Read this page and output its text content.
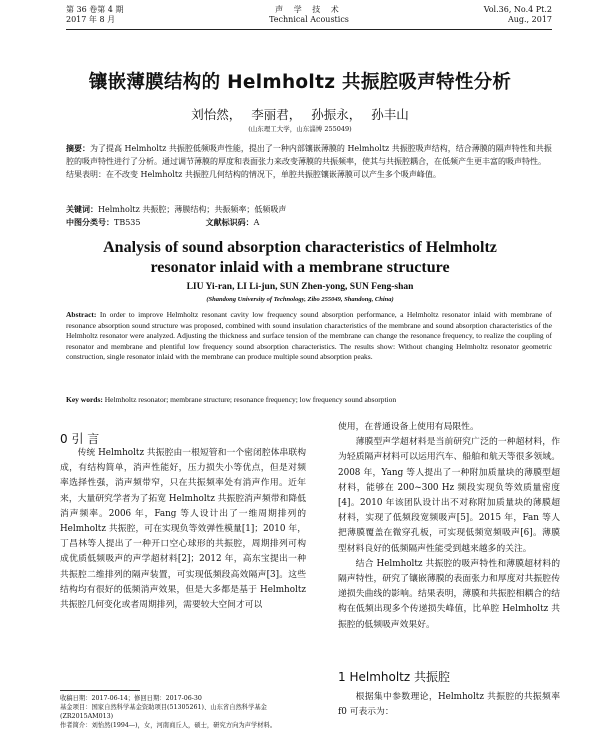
第 36 卷第 4 期
2017 年 8 月
声 学 技 术
Technical Acoustics
Vol.36, No.4 Pt.2
Aug., 2017
镶嵌薄膜结构的 Helmholtz 共振腔吸声特性分析
刘怡然， 李丽君， 孙振永， 孙丰山
(山东理工大学，山东淄博 255049)
摘要：为了提高 Helmholtz 共振腔低频吸声性能，提出了一种内部镶嵌薄膜的 Helmholtz 共振腔吸声结构，结合薄膜的隔声特性和共振腔的吸声特性进行了分析。通过调节薄膜的厚度和表面张力来改变薄膜的共振频率，使其与共振腔耦合，在低频产生更丰富的吸声特性。结果表明：在不改变 Helmholtz 共振腔几何结构的情况下，单腔共振腔镶嵌薄膜可以产生多个吸声峰值。
关键词：Helmholtz 共振腔；薄膜结构；共振频率；低频吸声
中图分类号：TB535	文献标识码：A
Analysis of sound absorption characteristics of Helmholtz
resonator inlaid with a membrane structure
LIU Yi-ran, LI Li-jun, SUN Zhen-yong, SUN Feng-shan
(Shandong University of Technology, Zibo 255049, Shandong, China)
Abstract: In order to improve Helmholtz resonant cavity low frequency sound absorption performance, a Helmholtz resonator inlaid with membrane of resonance absorption sound structure was proposed, combined with sound insulation characteristics of the membrane and sound absorption characteristics of the Helmholtz resonator were analyzed. Adjusting the thickness and surface tension of the membrane can change the resonance frequency, to realize the coupling of resonator and membrane and plentiful low frequency sound absorption characteristics. The results show: Without changing Helmholtz resonator geometric construction, single resonator inlaid with the membrane can produce multiple sound absorption peaks.
Key words: Helmholtz resonator; membrane structure; resonance frequency; low frequency sound absorption
0 引 言

传统 Helmholtz 共振腔由一根短管和一个密闭腔体串联构成，有结构简单，消声性能好，压力损失小等优点，但是对频率选择性强，消声频带窄，只在共振频率处有消声作用。近年来，大量研究学者为了拓宽 Helmholtz 共振腔消声频带和降低消声频率。2006 年，Fang 等人设计出了一维周期排列的 Helmholtz 共振腔，可在实现负等效弹性模量[1]；2010 年，丁昌林等人提出了一种开口空心球形的共振腔，周期排列可构成优质低频吸声的声学超材料[2]；2012 年，高东宝提出一种共振腔二维排列的隔声装置，可实现低频段高效隔声[3]。这些结构均有很好的低频消声效果，但是大多都是基于 Helmholtz 共振腔几何变化或者周期排列，需要较大空间才可以

使用，在普通设备上使用有局限性。

薄膜型声学超材料是当前研究广泛的一种超材料，作为轻质隔声材料可以运用汽车、船舶和航天等很多领域。2008 年，Yang 等人提出了一种附加质量块的薄膜型超材料，能够在 200~300 Hz 频段实现负等效质量密度[4]。2010 年该团队设计出不对称附加质量块的薄膜超材料，实现了低频段宽频吸声[5]。2015 年，Fan 等人把薄膜覆盖在微穿孔板，可实现低频宽频吸声[6]。薄膜型材料良好的低频隔声性能受到越来越多的关注。

结合 Helmholtz 共振腔的吸声特性和薄膜超材料的隔声特性，研究了镶嵌薄膜的表面张力和厚度对共振腔传递损失曲线的影响。结果表明，薄膜和共振腔相耦合的结构在低频出现多个传递损失峰值，比单腔 Helmholtz 共振腔的低频吸声效果好。

1 Helmholtz 共振腔

根据集中参数理论，Helmholtz 共振腔的共振频率 f0 可表示为：

收稿日期：2017-06-14；修回日期：2017-06-30

基金项目：国家自然科学基金资助项目(51305261)、山东省自然科学基金(ZR2015AM013)

作者简介：刘怡然(1994—)，女，河南商丘人，硕士，研究方向为声学材料。
